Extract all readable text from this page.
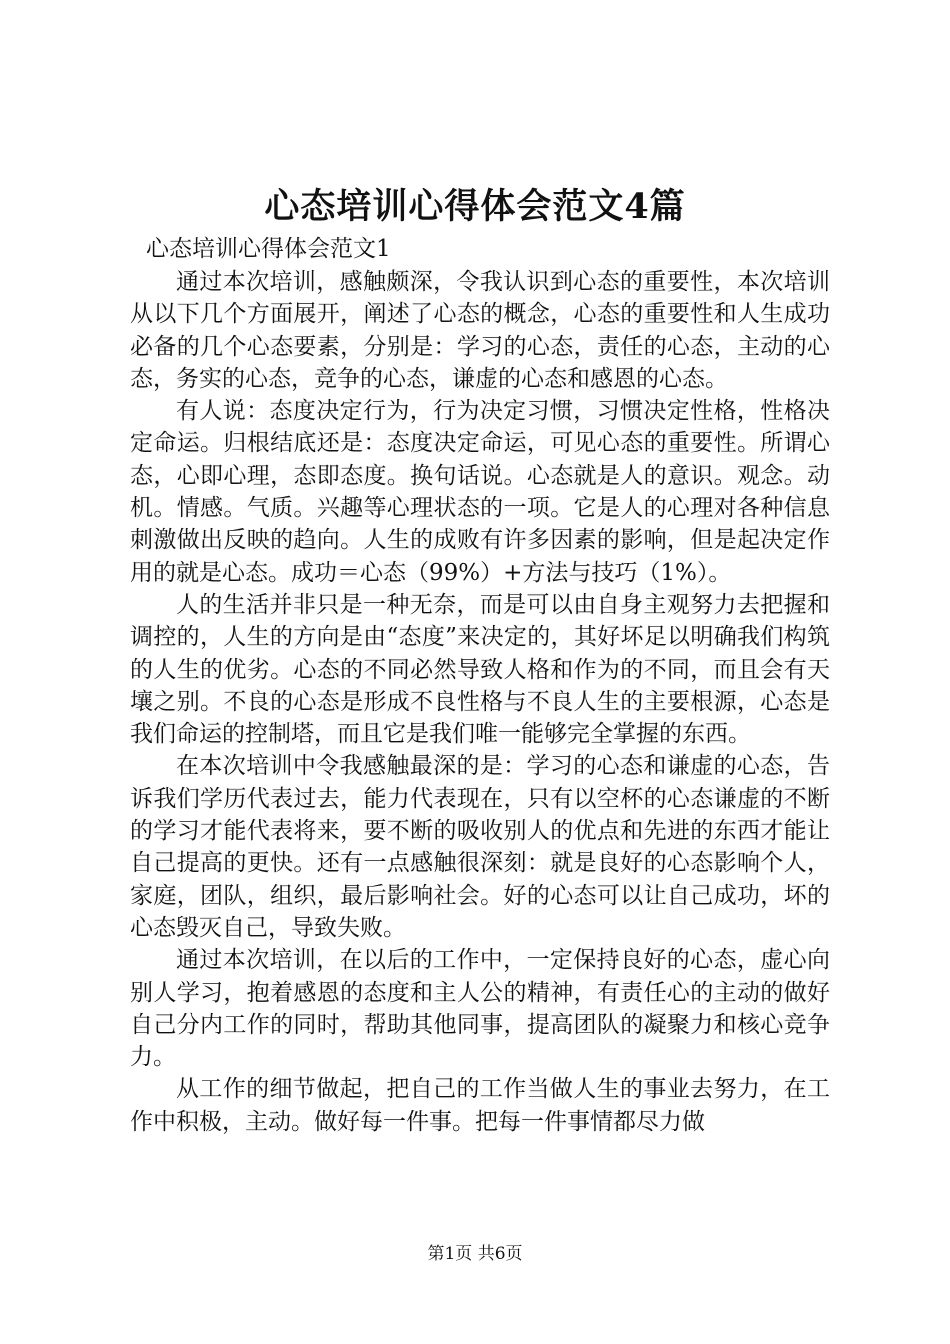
心态培训心得体会范文4篇

心态培训心得体会范文1

通过本次培训，感触颇深，令我认识到心态的重要性，本次培训从以下几个方面展开，阐述了心态的概念，心态的重要性和人生成功必备的几个心态要素，分别是：学习的心态，责任的心态，主动的心态，务实的心态，竞争的心态，谦虚的心态和感恩的心态。

有人说：态度决定行为，行为决定习惯，习惯决定性格，性格决定命运。归根结底还是：态度决定命运，可见心态的重要性。所谓心态，心即心理，态即态度。换句话说。心态就是人的意识。观念。动机。情感。气质。兴趣等心理状态的一项。它是人的心理对各种信息刺激做出反映的趋向。人生的成败有许多因素的影响，但是起决定作用的就是心态。成功＝心态（99%）+方法与技巧（1%）。

人的生活并非只是一种无奈，而是可以由自身主观努力去把握和调控的，人生的方向是由“态度”来决定的，其好坏足以明确我们构筑的人生的优劣。心态的不同必然导致人格和作为的不同，而且会有天壤之别。不良的心态是形成不良性格与不良人生的主要根源，心态是我们命运的控制塔，而且它是我们唯一能够完全掌握的东西。

在本次培训中令我感触最深的是：学习的心态和谦虚的心态，告诉我们学历代表过去，能力代表现在，只有以空杯的心态谦虚的不断的学习才能代表将来，要不断的吸收别人的优点和先进的东西才能让自己提高的更快。还有一点感触很深刻：就是良好的心态影响个人，家庭，团队，组织，最后影响社会。好的心态可以让自己成功，坏的心态毁灭自己，导致失败。

通过本次培训，在以后的工作中，一定保持良好的心态，虚心向别人学习，抱着感恩的态度和主人公的精神，有责任心的主动的做好自己分内工作的同时，帮助其他同事，提高团队的凝聚力和核心竞争力。

从工作的细节做起，把自己的工作当做人生的事业去努力，在工作中积极，主动。做好每一件事。把每一件事情都尽力做

第1页 共6页
